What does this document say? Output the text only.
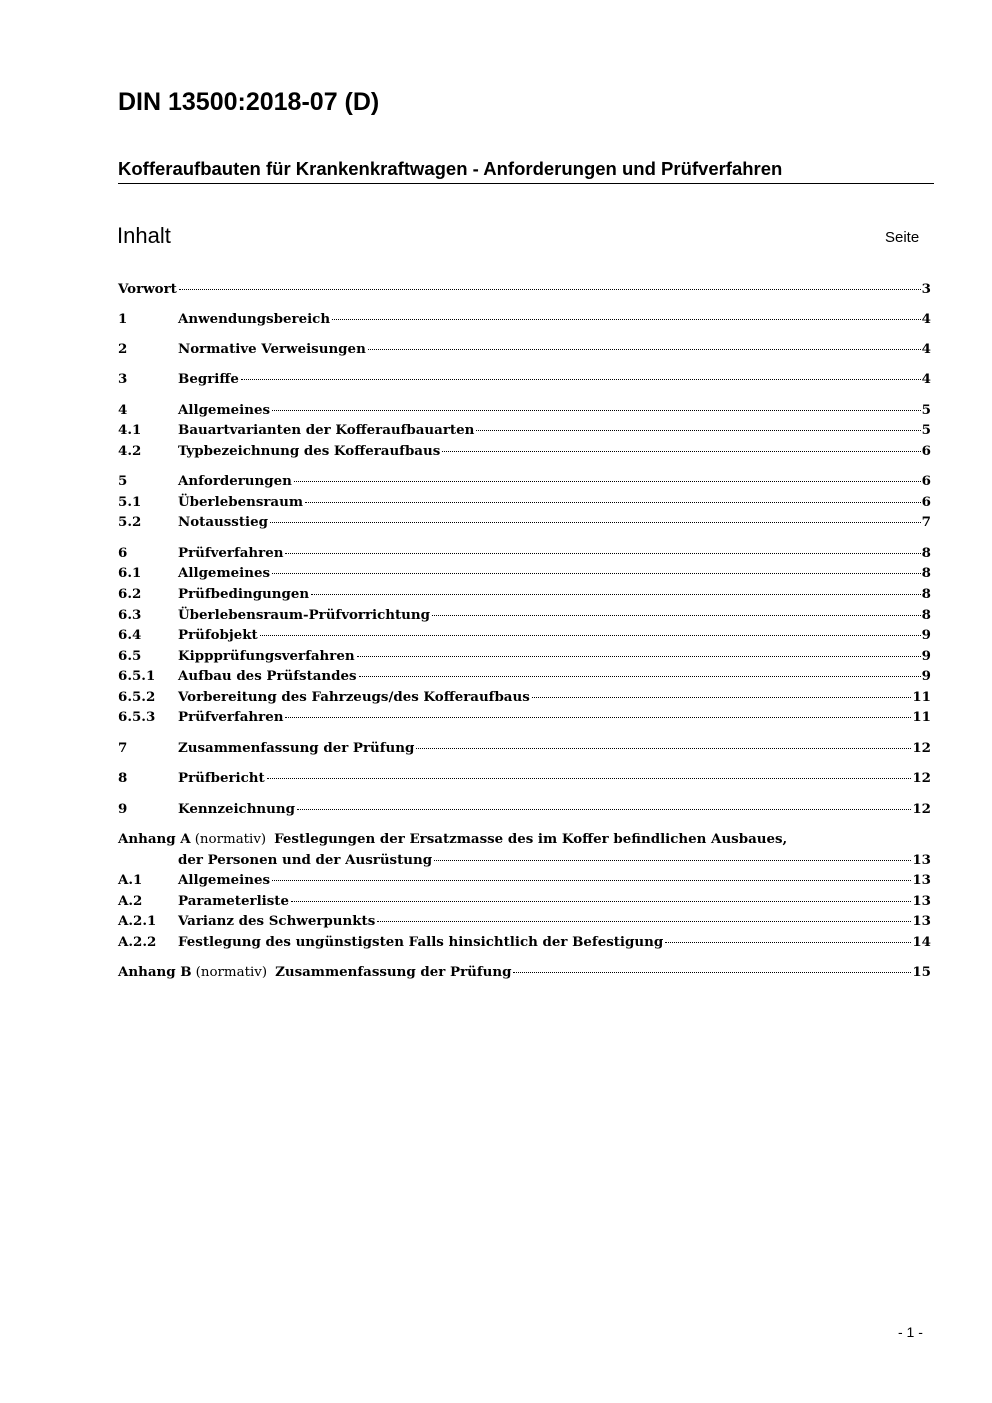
DIN 13500:2018-07 (D)
Kofferaufbauten für Krankenkraftwagen - Anforderungen und Prüfverfahren
Inhalt	Seite
Vorwort	3
1	Anwendungsbereich	4
2	Normative Verweisungen	4
3	Begriffe	4
4	Allgemeines	5
4.1	Bauartvarianten der Kofferaufbauarten	5
4.2	Typbezeichnung des Kofferaufbaus	6
5	Anforderungen	6
5.1	Überlebensraum	6
5.2	Notausstieg	7
6	Prüfverfahren	8
6.1	Allgemeines	8
6.2	Prüfbedingungen	8
6.3	Überlebensraum-Prüfvorrichtung	8
6.4	Prüfobjekt	9
6.5	Kippprüfungsverfahren	9
6.5.1	Aufbau des Prüfstandes	9
6.5.2	Vorbereitung des Fahrzeugs/des Kofferaufbaus	11
6.5.3	Prüfverfahren	11
7	Zusammenfassung der Prüfung	12
8	Prüfbericht	12
9	Kennzeichnung	12
Anhang A (normativ) Festlegungen der Ersatzmasse des im Koffer befindlichen Ausbaues,
der Personen und der Ausrüstung	13
A.1	Allgemeines	13
A.2	Parameterliste	13
A.2.1	Varianz des Schwerpunkts	13
A.2.2	Festlegung des ungünstigsten Falls hinsichtlich der Befestigung	14
Anhang B (normativ) Zusammenfassung der Prüfung	15
- 1 -
